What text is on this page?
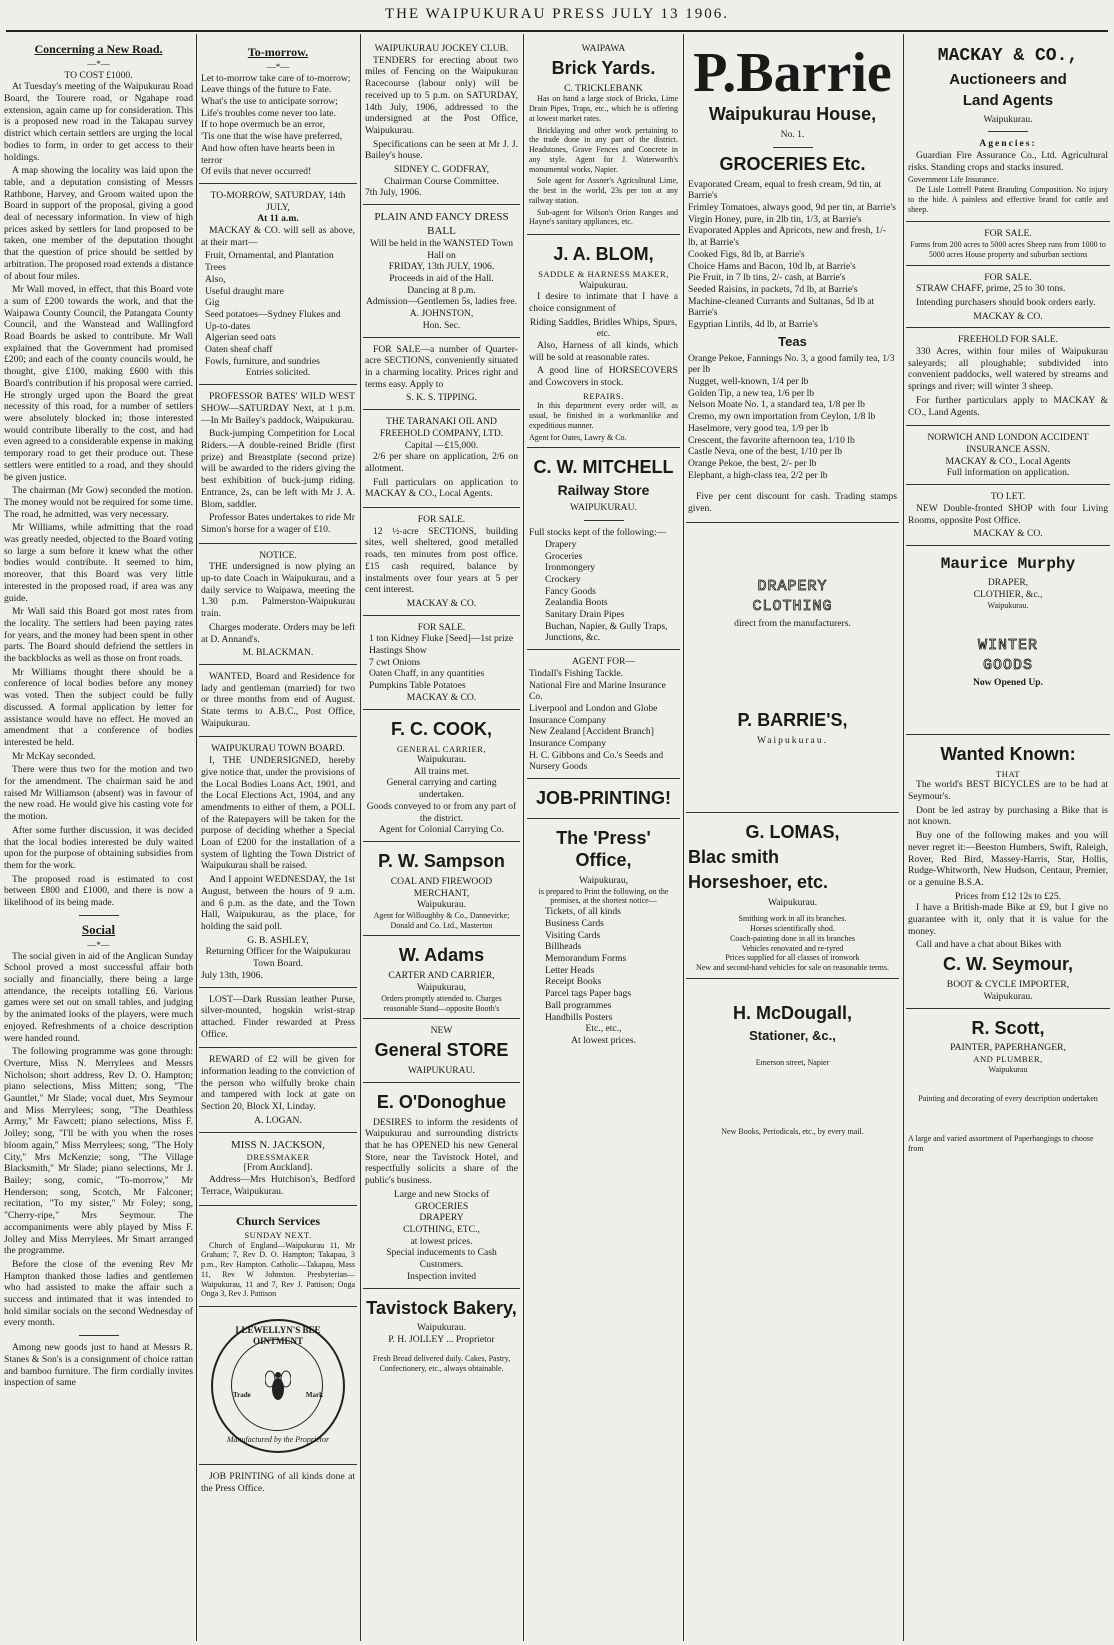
THE WAIPUKURAU PRESS JULY 13 1906.
Concerning a New Road.
—*—
TO COST £1000.

At Tuesday's meeting of the Waipukurau Road Board, the Tourere road, or Ngahape road extension, again came up for consideration. This is a proposed new road in the Takapau survey district which certain settlers are urging the local bodies to form, in order to get access to their holdings.

A map showing the locality was laid upon the table, and a deputation consisting of Messrs Rathbone, Harvey, and Groom waited upon the Board in support of the proposal, giving a good deal of necessary information. In view of high prices asked by settlers for land proposed to be taken, one member of the deputation thought that the question of price should be settled by arbitration. The proposed road extends a distance of about four miles.

Mr Wall moved, in effect, that this Board vote a sum of £200 towards the work, and that the Waipawa County Council, the Patangata County Council, and the Wanstead and Wallingford Road Boards be asked to contribute. Mr Wall explained that the Government had promised £200; and each of the county councils would, he thought, give £100, making £600 with this Board's contribution if his proposal were carried. He strongly urged upon the Board the great necessity of this road, for a number of settlers were absolutely blocked in; those interested would contribute liberally to the cost, and had even agreed to a considerable expense in making temporary road to get their produce out. These settlers were entitled to a road, and they should be given justice.

The chairman (Mr Gow) seconded the motion. The money would not be required for some time. The road, he admitted, was very necessary.

Mr Williams, while admitting that the road was greatly needed, objected to the Board voting so large a sum before it knew what the other bodies would contribute. It seemed to him, moreover, that this Board was very little interested in the proposed road, if area was any guide.

Mr Wall said this Board got most rates from the locality. The settlers had been paying rates for years, and the money had been spent in other parts. The Board should defriend the settlers in the backblocks as well as those on front roads.

Mr Williams thought there should be a conference of local bodies before any money was voted. Then the subject could be fully discussed. A formal application by letter for assistance would have no effect. He moved an amendment that a conference of bodies interested be held.

Mr McKay seconded.

There were thus two for the motion and two for the amendment. The chairman said he and raised Mr Williamson (absent) was in favour of the new road. He would give his casting vote for the motion.

After some further discussion, it was decided that the local bodies interested be duly waited upon for the purpose of obtaining subsidies from them for the work.

The proposed road is estimated to cost between £800 and £1000, and there is now a likelihood of its being made.

Social
—*—

The social given in aid of the Anglican Sunday School proved a most successful affair both socially and financially, there being a large attendance, the receipts totalling £6. Various games were set out on small tables, and judging by the animated looks of the players, were much enjoyed. Refreshments of a choice description were handed round.

The following programme was gone through: Overture, Miss N. Merrylees and Messrs Nicholson; short address, Rev D. O. Hampton; piano selections, Miss Mitten; song, "The Gauntlet," Mr Slade; vocal duet, Mrs Seymour and Miss Merrylees; song, "The Deathless Army," Mr Fawcett; piano selections, Miss F. Jolley; song, "I'll be with you when the roses bloom again," Miss Merrylees; song, "The Holy City," Mrs McKenzie; song, "The Village Blacksmith," Mr Slade; piano selections, Mr J. Bailey; song, comic, "To-morrow," Mr Henderson; song, Scotch, Mr Falconer; recitation, "To my sister," Mr Foley; song, "Cherry-ripe," Mrs Seymour. The accompaniments were ably played by Miss F. Jolley and Miss Merrylees. Mr Smart arranged the programme.

Before the close of the evening Rev Mr Hampton thanked those ladies and gentlemen who had assisted to make the affair such a success and intimated that it was intended to hold similar socials on the second Wednesday of every month.

Among new goods just to hand at Messrs R. Stanes & Son's is a consignment of choice rattan and bamboo furniture. The firm cordially invites inspection of same

To-morrow.
—*—
Let to-morrow take care of to-morrow;
Leave things of the future to Fate.
What's the use to anticipate sorrow;
Life's troubles come never too late.
If to hope overmuch be an error,
'Tis one that the wise have preferred,
And how often have hearts been in terror
Of evils that never occurred!
TO-MORROW, SATURDAY, 14th JULY,
At 11 a.m.

MACKAY & CO. will sell as above, at their mart—

Fruit, Ornamental, and Plantation Trees
Also,
Useful draught mare
Gig
Seed potatoes—Sydney Flukes and Up-to-dates
Algerian seed oats
Oaten sheaf chaff
Fowls, furniture, and sundries
Entries solicited.

PROFESSOR BATES' WILD WEST SHOW—SATURDAY Next, at 1 p.m.—In Mr Bailey's paddock, Waipukurau.

Buck-jumping Competition for Local Riders.—A double-reined Bridle (first prize) and Breastplate (second prize) will be awarded to the riders giving the best exhibition of buck-jump riding. Entrance, 2s, can be left with Mr J. A. Blom, saddler.

Professor Bates undertakes to ride Mr Simon's horse for a wager of £10.

NOTICE.

THE undersigned is now plying an up-to date Coach in Waipukurau, and a daily service to Waipawa, meeting the 1.30 p.m. Palmerston-Waipukurau train.

Charges moderate. Orders may be left at D. Annand's.

M. BLACKMAN.

WANTED, Board and Residence for lady and gentleman (married) for two or three months from end of August. State terms to A.B.C., Post Office, Waipukurau.

WAIPUKURAU TOWN BOARD.

I, THE UNDERSIGNED, hereby give notice that, under the provisions of the Local Bodies Loans Act, 1901, and the Local Elections Act, 1904, and any amendments to either of them, a POLL of the Ratepayers will be taken for the purpose of deciding whether a Special Loan of £200 for the installation of a system of lighting the Town District of Waipukurau shall be raised.

And I appoint WEDNESDAY, the 1st August, between the hours of 9 a.m. and 6 p.m. as the date, and the Town Hall, Waipukurau, as the place, for holding the said poll.

G. B. ASHLEY,
Returning Officer for the Waipukurau Town Board.
July 13th, 1906.

LOST—Dark Russian leather Purse, silver-mounted, hogskin wrist-strap attached. Finder rewarded at Press Office.

REWARD of £2 will be given for information leading to the conviction of the person who wilfully broke chain and tampered with lock at gate on Section 20, Block XI, Linday.

A. LOGAN.
MISS N. JACKSON,
DRESSMAKER
[From Auckland].

Address—Mrs Hutchison's, Bedford Terrace, Waipukurau.

Church Services
SUNDAY NEXT.

Church of England—Waipukurau 11, Mr Graham; 7, Rev D. O. Hampton; Takapau, 3 p.m., Rev Hampton. Catholic—Takapau, Mass 11, Rev W Johnston. Presbyterian—Waipukurau, 11 and 7, Rev J. Pattison; Onga Onga 3, Rev J. Pattison

LLEWELLYN'S BEE OINTMENT
Trade	Mark
Manufactured by the Proprietor

JOB PRINTING of all kinds done at the Press Office.

WAIPUKURAU JOCKEY CLUB.

TENDERS for erecting about two miles of Fencing on the Waipukurau Racecourse (labour only) will be received up to 5 p.m. on SATURDAY, 14th July, 1906, addressed to the undersigned at the Post Office, Waipukurau.

Specifications can be seen at Mr J. J. Bailey's house.

SIDNEY C. GODFRAY,
Chairman Course Committee.
7th July, 1906.
PLAIN AND FANCY DRESS BALL
Will be held in the WANSTED Town Hall on
FRIDAY, 13th JULY, 1906.
Proceeds in aid of the Hall.
Dancing at 8 p.m.
Admission—Gentlemen 5s, ladies free.
A. JOHNSTON,
Hon. Sec.

FOR SALE—a number of Quarter-acre SECTIONS, conveniently situated in a charming locality. Prices right and terms easy. Apply to

S. K. S. TIPPING.
THE TARANAKI OIL AND FREEHOLD COMPANY, LTD.
Capital —£15,000.

2/6 per share on application, 2/6 on allotment.

Full particulars on application to MACKAY & CO., Local Agents.

FOR SALE.

12 ½-acre SECTIONS, building sites, well sheltered, good metalled roads, ten minutes from post office. £15 cash required, balance by instalments over four years at 5 per cent interest.

MACKAY & CO.
FOR SALE.
1 ton Kidney Fluke [Seed]—1st prize Hastings Show
7 cwt Onions
Oaten Chaff, in any quantities
Pumpkins Table Potatoes
MACKAY & CO.
F. C. COOK,
GENERAL CARRIER,
Waipukurau.
All trains met.
General carrying and carting undertaken.
Goods conveyed to or from any part of the district.
Agent for Colonial Carrying Co.
P. W. Sampson
COAL AND FIREWOOD MERCHANT,
Waipukurau.
Agent for Willoughby & Co., Dannevirke; Donald and Co. Ltd., Masterton
W. Adams
CARTER AND CARRIER,
Waipukurau,
Orders promptly attended to. Charges reasonable Stand—opposite Booth's
NEW
General STORE
WAIPUKURAU.
E. O'Donoghue

DESIRES to inform the residents of Waipukurau and surrounding districts that he has OPENED his new General Store, near the Tavistock Hotel, and respectfully solicits a share of the public's business.

Large and new Stocks of
GROCERIES
DRAPERY
CLOTHING, ETC.,
at lowest prices.
Special inducements to Cash Customers.
Inspection invited
Tavistock Bakery,
Waipukurau.
P. H. JOLLEY ... Proprietor
Fresh Bread delivered daily. Cakes, Pastry, Confectionery, etc., always obtainable.
WAIPAWA
Brick Yards.
C. TRICKLEBANK

Has on hand a large stock of Bricks, Lime Drain Pipes, Traps, etc., which he is offering at lowest market rates.

Bricklaying and other work pertaining to the trade done in any part of the district. Headstones, Grave Fences and Concrete in any style. Agent for J. Waterworth's monumental works, Napier.

Sole agent for Assner's Agricultural Lime, the best in the world, 23s per ton at any railway station.

Sub-agent for Wilson's Orion Ranges and Hayne's sanitary appliances, etc.

J. A. BLOM,
SADDLE & HARNESS MAKER,
Waipukurau.

I desire to intimate that I have a choice consignment of

Riding Saddles, Bridles Whips, Spurs, etc.

Also, Harness of all kinds, which will be sold at reasonable rates.

A good line of HORSECOVERS and Cowcovers in stock.

REPAIRS.

In this department every order will, as usual, be finished in a workmanlike and expeditious manner.

Agent for Oates, Lawry & Co.
C. W. MITCHELL
Railway Store
WAIPUKURAU.
Full stocks kept of the following:—
Drapery
Groceries
Ironmongery
Crockery
Fancy Goods
Zealandia Boots
Sanitary Drain Pipes
Buchan, Napier, & Gully Traps, Junctions, &c.
AGENT FOR—
Tindall's Fishing Tackle.
National Fire and Marine Insurance Co.
Liverpool and London and Globe Insurance Company
New Zealand [Accident Branch] Insurance Company
H. C. Gibbons and Co.'s Seeds and Nursery Goods
JOB-PRINTING!
The 'Press' Office,
Waipukurau,
is prepared to Print the following, on the premises, at the shortest notice—
Tickets, of all kinds
Business Cards
Visiting Cards
Billheads
Memorandum Forms
Letter Heads
Receipt Books
Parcel tags Paper bags
Ball programmes
Handbills Posters
Etc., etc.,
At lowest prices.
P.Barrie
Waipukurau House,
No. 1.
GROCERIES Etc.
Evaporated Cream, equal to fresh cream, 9d tin, at Barrie's
Frimley Tomatoes, always good, 9d per tin, at Barrie's
Virgin Honey, pure, in 2lb tin, 1/3, at Barrie's
Evaporated Apples and Apricots, new and fresh, 1/- lb, at Barrie's
Cooked Figs, 8d lb, at Barrie's
Choice Hams and Bacon, 10d lb, at Barrie's
Pie Fruit, in 7 lb tins, 2/- cash, at Barrie's
Seeded Raisins, in packets, 7d lb, at Barrie's
Machine-cleaned Currants and Sultanas, 5d lb at Barrie's
Egyptian Lintils, 4d lb, at Barrie's
Teas
Orange Pekoe, Fannings No. 3, a good family tea, 1/3 per lb
Nugget, well-known, 1/4 per lb
Golden Tip, a new tea, 1/6 per lb
Nelson Moate No. 1, a standard tea, 1/8 per lb
Cremo, my own importation from Ceylon, 1/8 lb
Haselmore, very good tea, 1/9 per lb
Crescent, the favorite afternoon tea, 1/10 lb
Castle Neva, one of the best, 1/10 per lb
Orange Pekoe, the best, 2/- per lb
Elephant, a high-class tea, 2/2 per lb

Five per cent discount for cash. Trading stamps given.

DRAPERY
CLOTHING
direct from the manufacturers.
P. BARRIE'S,
Waipukurau.
G. LOMAS,
Blac smith
Horseshoer, etc.
Waipukurau.
Smithing work in all its branches.
Horses scientifically shod.
Coach-painting done in all its branches
Vehicles renovated and re-tyred
Prices supplied for all classes of ironwork
New and second-hand vehicles for sale on reasonable terms.
H. McDougall,
Stationer, &c.,
Emerson street, Napier
New Books, Periodicals, etc., by every mail.
MACKAY & CO.,
Auctioneers and
Land Agents
Waipukurau.
Agencies:

Guardian Fire Assurance Co., Ltd. Agricultural risks. Standing crops and stacks insured.

Government Life Insurance.

De Lisle Lottrell Patent Branding Composition. No injury to the hide. A painless and effective brand for cattle and sheep.

FOR SALE.
Farms from 200 acres to 5000 acres Sheep runs from 1000 to 5000 acres House property and suburban sections
FOR SALE.

STRAW CHAFF, prime, 25 to 30 tons.

Intending purchasers should book orders early.

MACKAY & CO.
FREEHOLD FOR SALE.

330 Acres, within four miles of Waipukurau saleyards; all ploughable; subdivided into convenient paddocks, well watered by streams and springs and river; will winter 3 sheep.

For further particulars apply to MACKAY & CO., Land Agents.

NORWICH AND LONDON ACCIDENT INSURANCE ASSN.
MACKAY & CO., Local Agents
Full information on application.
TO LET.

NEW Double-fronted SHOP with four Living Rooms, opposite Post Office.

MACKAY & CO.
Maurice Murphy
DRAPER,
CLOTHIER, &c.,
Waipukurau.
WINTER
GOODS
Now Opened Up.
Wanted Known:
THAT

The world's BEST BICYCLES are to be had at Seymour's.

Dont be led astray by purchasing a Bike that is not known.

Buy one of the following makes and you will never regret it:—Beeston Humbers, Swift, Raleigh, Rover, Red Bird, Massey-Harris, Star, Hollis, Rudge-Whitworth, New Hudson, Centaur, Premier, or a genuine B.S.A.

Prices from £12 12s to £25.

I have a British-made Bike at £9, but I give no guarantee with it, only that it is value for the money.

Call and have a chat about Bikes with

C. W. Seymour,
BOOT & CYCLE IMPORTER,
Waipukurau.
R. Scott,
PAINTER, PAPERHANGER,
AND PLUMBER,
Waipukurau
Painting and decorating of every description undertaken
A large and varied assortment of Paperhangings to choose from
